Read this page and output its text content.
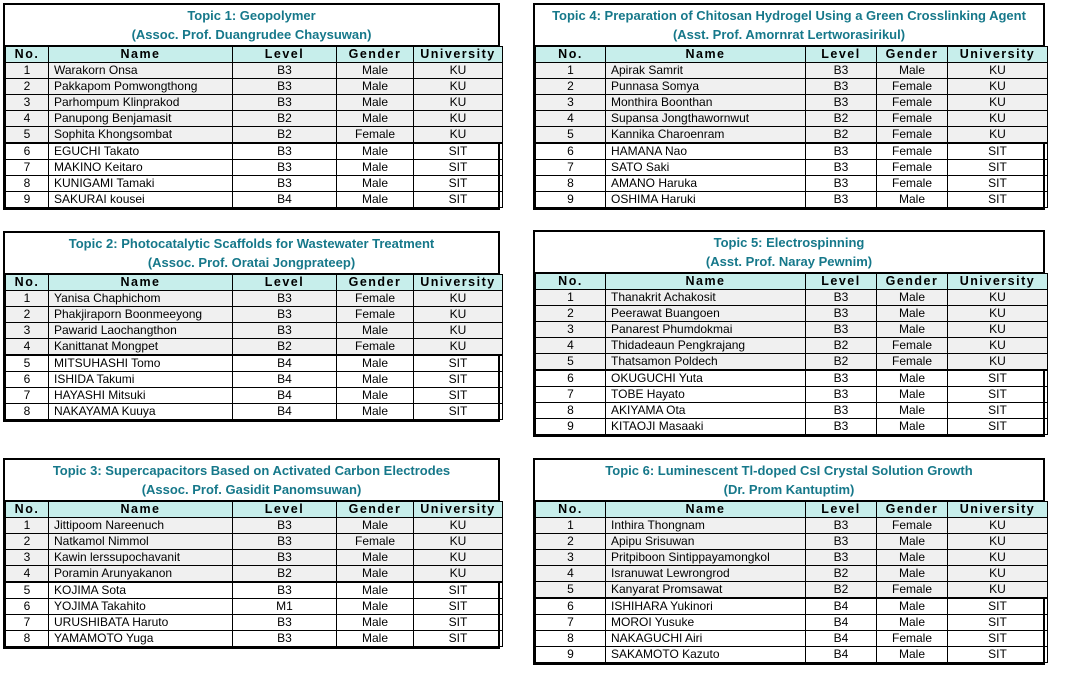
Topic 1: Geopolymer
(Assoc. Prof. Duangrudee Chaysuwan)
No.	Name	Level	Gender	University
1	Warakorn Onsa	B3	Male	KU
2	Pakkapom Pomwongthong	B3	Male	KU
3	Parhompum Klinprakod	B3	Male	KU
4	Panupong Benjamasit	B2	Male	KU
5	Sophita Khongsombat	B2	Female	KU
6	EGUCHI Takato	B3	Male	SIT
7	MAKINO Keitaro	B3	Male	SIT
8	KUNIGAMI Tamaki	B3	Male	SIT
9	SAKURAI kousei	B4	Male	SIT
Topic 2: Photocatalytic Scaffolds for Wastewater Treatment
(Assoc. Prof. Oratai Jongprateep)
No.	Name	Level	Gender	University
1	Yanisa Chaphichom	B3	Female	KU
2	Phakjiraporn Boonmeeyong	B3	Female	KU
3	Pawarid Laochangthon	B3	Male	KU
4	Kanittanat Mongpet	B2	Female	KU
5	MITSUHASHI Tomo	B4	Male	SIT
6	ISHIDA Takumi	B4	Male	SIT
7	HAYASHI Mitsuki	B4	Male	SIT
8	NAKAYAMA Kuuya	B4	Male	SIT
Topic 3: Supercapacitors Based on Activated Carbon Electrodes
(Assoc. Prof. Gasidit Panomsuwan)
No.	Name	Level	Gender	University
1	Jittipoom Nareenuch	B3	Male	KU
2	Natkamol Nimmol	B3	Female	KU
3	Kawin lerssupochavanit	B3	Male	KU
4	Poramin Arunyakanon	B2	Male	KU
5	KOJIMA Sota	B3	Male	SIT
6	YOJIMA Takahito	M1	Male	SIT
7	URUSHIBATA Haruto	B3	Male	SIT
8	YAMAMOTO Yuga	B3	Male	SIT
Topic 4: Preparation of Chitosan Hydrogel Using a Green Crosslinking Agent
(Asst. Prof. Amornrat Lertworasirikul)
No.	Name	Level	Gender	University
1	Apirak Samrit	B3	Male	KU
2	Punnasa Somya	B3	Female	KU
3	Monthira Boonthan	B3	Female	KU
4	Supansa Jongthawornwut	B2	Female	KU
5	Kannika Charoenram	B2	Female	KU
6	HAMANA Nao	B3	Female	SIT
7	SATO Saki	B3	Female	SIT
8	AMANO Haruka	B3	Female	SIT
9	OSHIMA Haruki	B3	Male	SIT
Topic 5: Electrospinning
(Asst. Prof. Naray Pewnim)
No.	Name	Level	Gender	University
1	Thanakrit Achakosit	B3	Male	KU
2	Peerawat Buangoen	B3	Male	KU
3	Panarest Phumdokmai	B3	Male	KU
4	Thidadeaun Pengkrajang	B2	Female	KU
5	Thatsamon Poldech	B2	Female	KU
6	OKUGUCHI Yuta	B3	Male	SIT
7	TOBE Hayato	B3	Male	SIT
8	AKIYAMA Ota	B3	Male	SIT
9	KITAOJI Masaaki	B3	Male	SIT
Topic 6: Luminescent Tl-doped CsI Crystal Solution Growth
(Dr. Prom Kantuptim)
No.	Name	Level	Gender	University
1	Inthira Thongnam	B3	Female	KU
2	Apipu Srisuwan	B3	Male	KU
3	Pritpiboon Sintippayamongkol	B3	Male	KU
4	Isranuwat Lewrongrod	B2	Male	KU
5	Kanyarat Promsawat	B2	Female	KU
6	ISHIHARA Yukinori	B4	Male	SIT
7	MOROI Yusuke	B4	Male	SIT
8	NAKAGUCHI Airi	B4	Female	SIT
9	SAKAMOTO Kazuto	B4	Male	SIT
